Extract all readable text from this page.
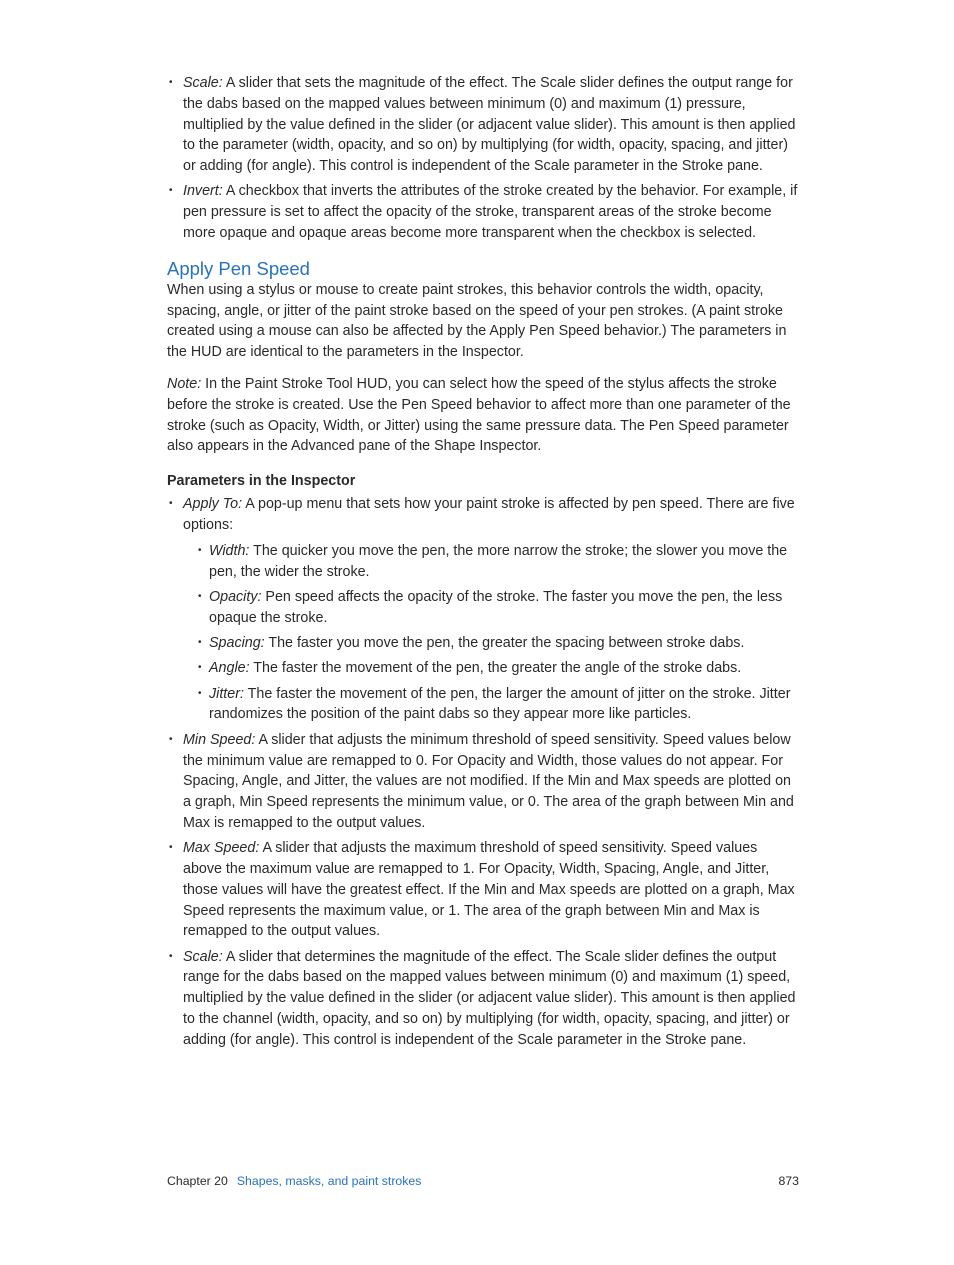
• Scale: A slider that sets the magnitude of the effect. The Scale slider defines the output range for the dabs based on the mapped values between minimum (0) and maximum (1) pressure, multiplied by the value defined in the slider (or adjacent value slider). This amount is then applied to the parameter (width, opacity, and so on) by multiplying (for width, opacity, spacing, and jitter) or adding (for angle). This control is independent of the Scale parameter in the Stroke pane.
• Invert: A checkbox that inverts the attributes of the stroke created by the behavior. For example, if pen pressure is set to affect the opacity of the stroke, transparent areas of the stroke become more opaque and opaque areas become more transparent when the checkbox is selected.
Apply Pen Speed

When using a stylus or mouse to create paint strokes, this behavior controls the width, opacity, spacing, angle, or jitter of the paint stroke based on the speed of your pen strokes. (A paint stroke created using a mouse can also be affected by the Apply Pen Speed behavior.) The parameters in the HUD are identical to the parameters in the Inspector.

Note: In the Paint Stroke Tool HUD, you can select how the speed of the stylus affects the stroke before the stroke is created. Use the Pen Speed behavior to affect more than one parameter of the stroke (such as Opacity, Width, or Jitter) using the same pressure data. The Pen Speed parameter also appears in the Advanced pane of the Shape Inspector.

Parameters in the Inspector
• Apply To: A pop-up menu that sets how your paint stroke is affected by pen speed. There are five options:
• Width: The quicker you move the pen, the more narrow the stroke; the slower you move the pen, the wider the stroke.
• Opacity: Pen speed affects the opacity of the stroke. The faster you move the pen, the less opaque the stroke.
• Spacing: The faster you move the pen, the greater the spacing between stroke dabs.
• Angle: The faster the movement of the pen, the greater the angle of the stroke dabs.
• Jitter: The faster the movement of the pen, the larger the amount of jitter on the stroke. Jitter randomizes the position of the paint dabs so they appear more like particles.
• Min Speed: A slider that adjusts the minimum threshold of speed sensitivity. Speed values below the minimum value are remapped to 0. For Opacity and Width, those values do not appear. For Spacing, Angle, and Jitter, the values are not modified. If the Min and Max speeds are plotted on a graph, Min Speed represents the minimum value, or 0. The area of the graph between Min and Max is remapped to the output values.
• Max Speed: A slider that adjusts the maximum threshold of speed sensitivity. Speed values above the maximum value are remapped to 1. For Opacity, Width, Spacing, Angle, and Jitter, those values will have the greatest effect. If the Min and Max speeds are plotted on a graph, Max Speed represents the maximum value, or 1. The area of the graph between Min and Max is remapped to the output values.
• Scale: A slider that determines the magnitude of the effect. The Scale slider defines the output range for the dabs based on the mapped values between minimum (0) and maximum (1) speed, multiplied by the value defined in the slider (or adjacent value slider). This amount is then applied to the channel (width, opacity, and so on) by multiplying (for width, opacity, spacing, and jitter) or adding (for angle). This control is independent of the Scale parameter in the Stroke pane.
Chapter 20 Shapes, masks, and paint strokes	873
